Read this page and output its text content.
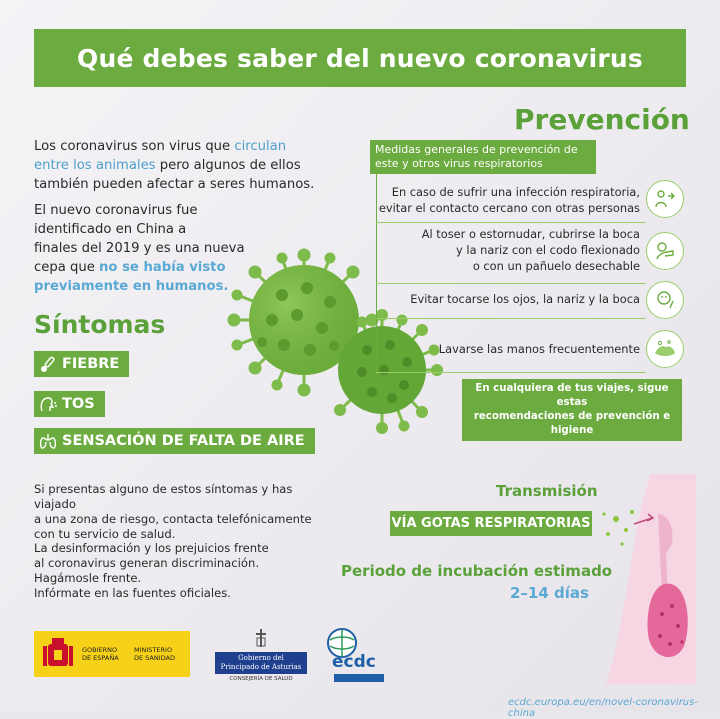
Qué debes saber del nuevo coronavirus
Los coronavirus son virus que circulan
entre los animales pero algunos de ellos
también pueden afectar a seres humanos.
El nuevo coronavirus fue
identificado en China a
finales del 2019 y es una nueva
cepa que no se había visto
previamente en humanos.
Síntomas
FIEBRE
TOS
SENSACIÓN DE FALTA DE AIRE
Si presentas alguno de estos síntomas y has viajado
a una zona de riesgo, contacta telefónicamente
con tu servicio de salud.
La desinformación y los prejuicios frente
al coronavirus generan discriminación.
Hagámosle frente.
Infórmate en las fuentes oficiales.
Prevención
Medidas generales de prevención de
este y otros virus respiratorios
En caso de sufrir una infección respiratoria,
evitar el contacto cercano con otras personas
Al toser o estornudar, cubrirse la boca
y la nariz con el codo flexionado
o con un pañuelo desechable
Evitar tocarse los ojos, la nariz y la boca
Lavarse las manos frecuentemente
En cualquiera de tus viajes, sigue estas
recomendaciones de prevención e higiene
Transmisión
VÍA GOTAS RESPIRATORIAS
Periodo de incubación estimado
2–14 días
GOBIERNO DE ESPAÑA
MINISTERIO DE SANIDAD	Gobierno del
Principado de Asturias
CONSEJERÍA DE SALUD
ecdc
ecdc.europa.eu/en/novel-coronavirus-china
